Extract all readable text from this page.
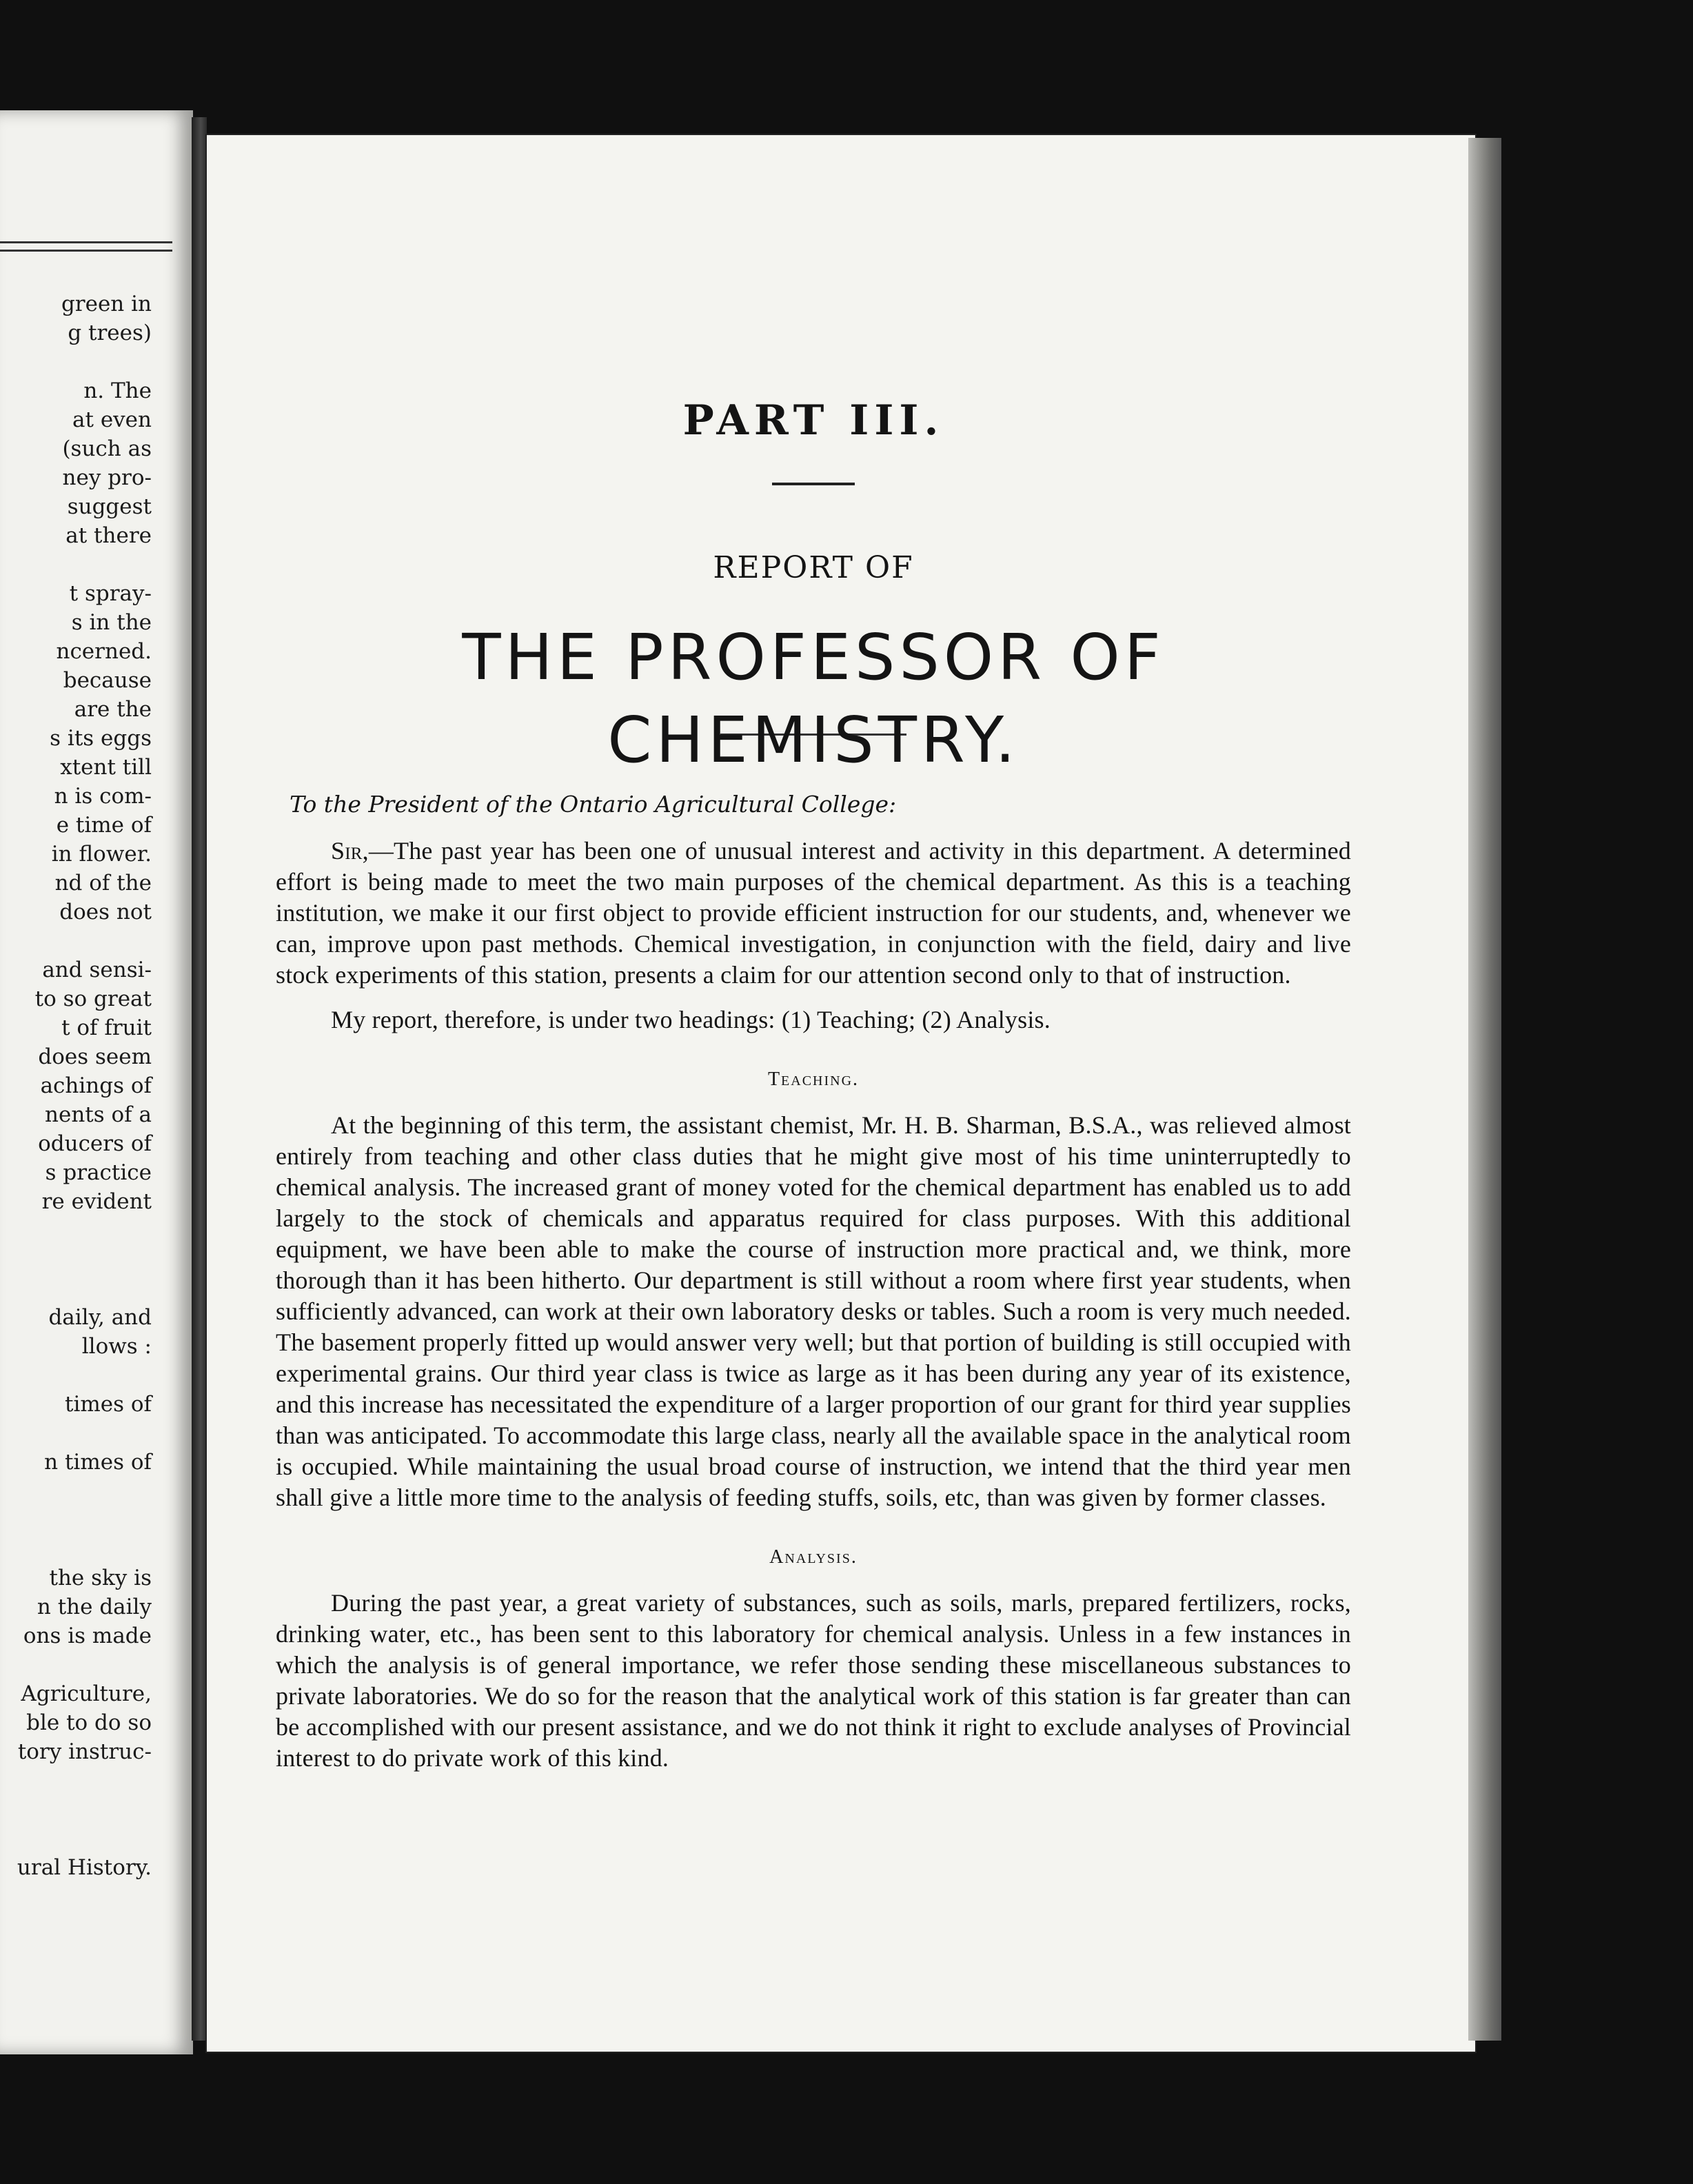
green in
g trees)
n. The
at even
(such as
ney pro-
suggest
at there
t spray-
s in the
ncerned.
because
are the
s its eggs
xtent till
n is com-
e time of
in flower.
nd of the
does not
and sensi-
to so great
t of fruit
does seem
achings of
nents of a
oducers of
s practice
re evident
daily, and
llows :
times of
n times of
the sky is
n the daily
ons is made
Agriculture,
ble to do so
tory instruc-
ural History.
PART III.
REPORT OF
THE PROFESSOR OF CHEMISTRY.
To the President of the Ontario Agricultural College:

Sir,—The past year has been one of unusual interest and activity in this department. A determined effort is being made to meet the two main purposes of the chemical department. As this is a teaching institution, we make it our first object to provide efficient instruction for our students, and, whenever we can, improve upon past methods. Chemical investigation, in conjunction with the field, dairy and live stock experiments of this station, presents a claim for our attention second only to that of instruction.

My report, therefore, is under two headings: (1) Teaching; (2) Analysis.

Teaching.

At the beginning of this term, the assistant chemist, Mr. H. B. Sharman, B.S.A., was relieved almost entirely from teaching and other class duties that he might give most of his time uninterruptedly to chemical analysis. The increased grant of money voted for the chemical department has enabled us to add largely to the stock of chemicals and apparatus required for class purposes. With this additional equipment, we have been able to make the course of instruction more practical and, we think, more thorough than it has been hitherto. Our department is still without a room where first year students, when sufficiently advanced, can work at their own laboratory desks or tables. Such a room is very much needed. The basement properly fitted up would answer very well; but that portion of building is still occupied with experimental grains. Our third year class is twice as large as it has been during any year of its existence, and this increase has necessitated the expenditure of a larger proportion of our grant for third year supplies than was anticipated. To accommodate this large class, nearly all the available space in the analytical room is occupied. While maintaining the usual broad course of instruction, we intend that the third year men shall give a little more time to the analysis of feeding stuffs, soils, etc, than was given by former classes.

Analysis.

During the past year, a great variety of substances, such as soils, marls, prepared fertilizers, rocks, drinking water, etc., has been sent to this laboratory for chemical analysis. Unless in a few instances in which the analysis is of general importance, we refer those sending these miscellaneous substances to private laboratories. We do so for the reason that the analytical work of this station is far greater than can be accomplished with our present assistance, and we do not think it right to exclude analyses of Provincial interest to do private work of this kind.
